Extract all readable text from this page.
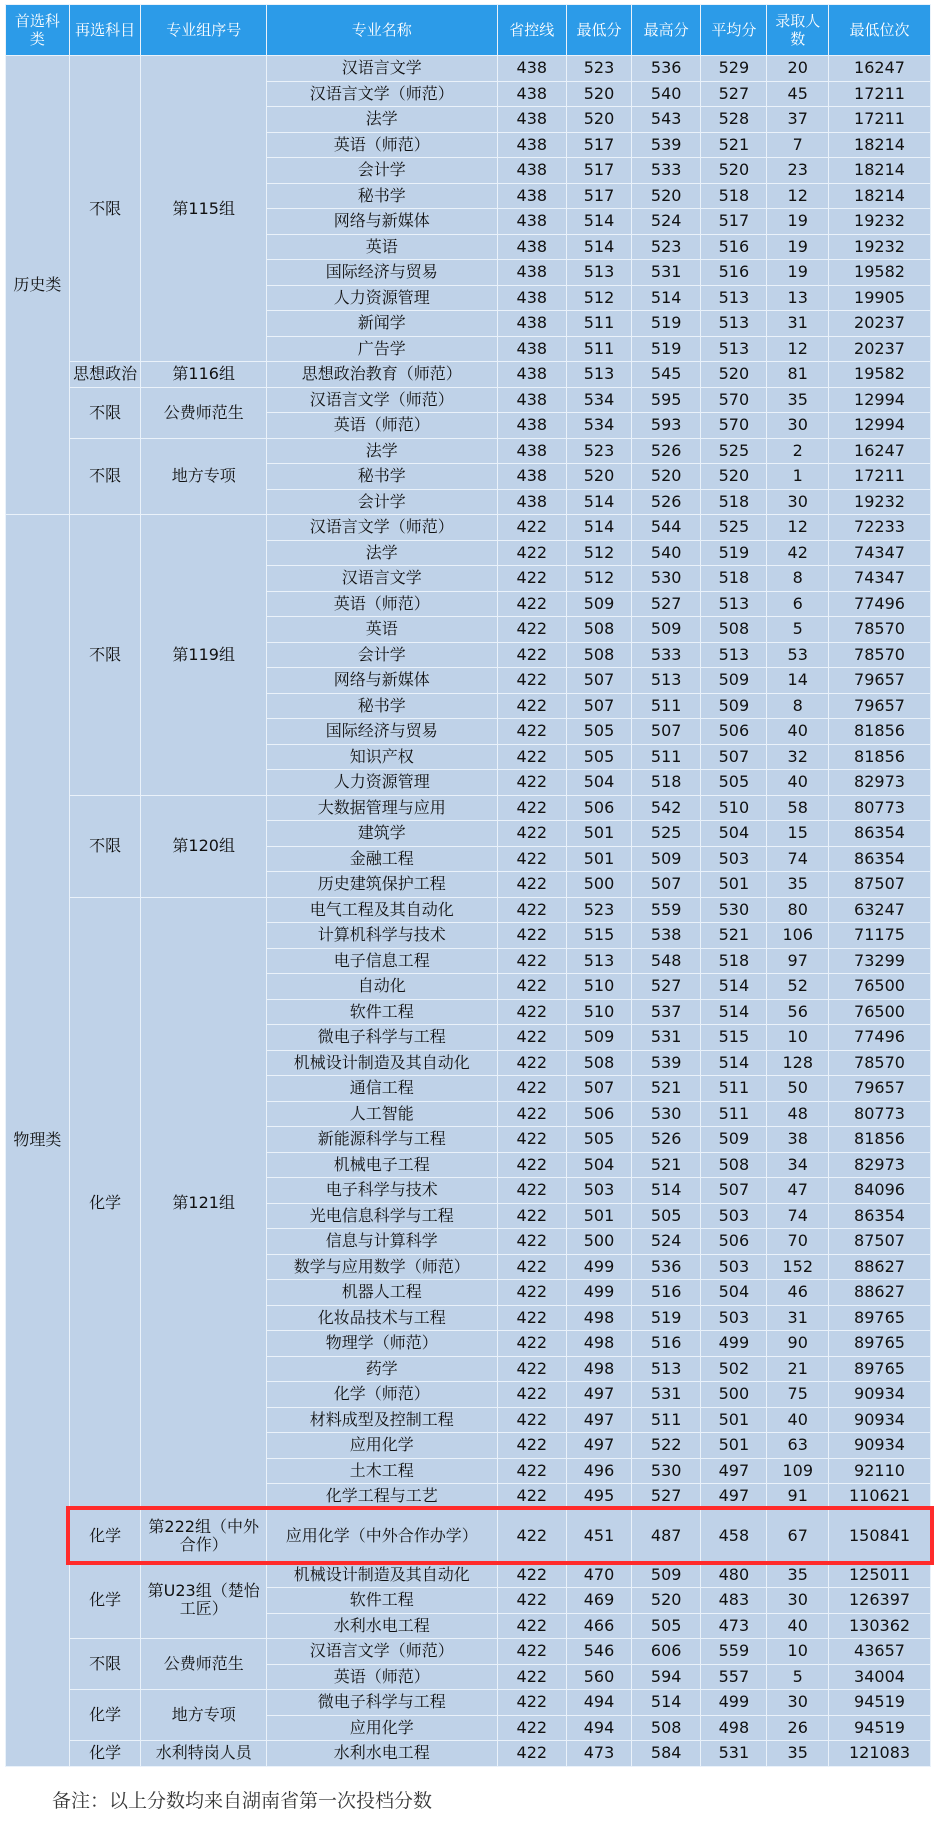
首选科类	再选科目	专业组序号	专业名称	省控线	最低分	最高分	平均分	录取人数	最低位次
历史类	不限	第115组	汉语言文学	438	523	536	529	20	16247
			汉语言文学（师范）	438	520	540	527	45	17211
			法学	438	520	543	528	37	17211
			英语（师范）	438	517	539	521	7	18214
			会计学	438	517	533	520	23	18214
			秘书学	438	517	520	518	12	18214
			网络与新媒体	438	514	524	517	19	19232
			英语	438	514	523	516	19	19232
			国际经济与贸易	438	513	531	516	19	19582
			人力资源管理	438	512	514	513	13	19905
			新闻学	438	511	519	513	31	20237
			广告学	438	511	519	513	12	20237
	思想政治	第116组	思想政治教育（师范）	438	513	545	520	81	19582
	不限	公费师范生	汉语言文学（师范）	438	534	595	570	35	12994
			英语（师范）	438	534	593	570	30	12994
	不限	地方专项	法学	438	523	526	525	2	16247
			秘书学	438	520	520	520	1	17211
			会计学	438	514	526	518	30	19232
物理类	不限	第119组	汉语言文学（师范）	422	514	544	525	12	72233
			法学	422	512	540	519	42	74347
			汉语言文学	422	512	530	518	8	74347
			英语（师范）	422	509	527	513	6	77496
			英语	422	508	509	508	5	78570
			会计学	422	508	533	513	53	78570
			网络与新媒体	422	507	513	509	14	79657
			秘书学	422	507	511	509	8	79657
			国际经济与贸易	422	505	507	506	40	81856
			知识产权	422	505	511	507	32	81856
			人力资源管理	422	504	518	505	40	82973
	不限	第120组	大数据管理与应用	422	506	542	510	58	80773
			建筑学	422	501	525	504	15	86354
			金融工程	422	501	509	503	74	86354
			历史建筑保护工程	422	500	507	501	35	87507
	化学	第121组	电气工程及其自动化	422	523	559	530	80	63247
			计算机科学与技术	422	515	538	521	106	71175
			电子信息工程	422	513	548	518	97	73299
			自动化	422	510	527	514	52	76500
			软件工程	422	510	537	514	56	76500
			微电子科学与工程	422	509	531	515	10	77496
			机械设计制造及其自动化	422	508	539	514	128	78570
			通信工程	422	507	521	511	50	79657
			人工智能	422	506	530	511	48	80773
			新能源科学与工程	422	505	526	509	38	81856
			机械电子工程	422	504	521	508	34	82973
			电子科学与技术	422	503	514	507	47	84096
			光电信息科学与工程	422	501	505	503	74	86354
			信息与计算科学	422	500	524	506	70	87507
			数学与应用数学（师范）	422	499	536	503	152	88627
			机器人工程	422	499	516	504	46	88627
			化妆品技术与工程	422	498	519	503	31	89765
			物理学（师范）	422	498	516	499	90	89765
			药学	422	498	513	502	21	89765
			化学（师范）	422	497	531	500	75	90934
			材料成型及控制工程	422	497	511	501	40	90934
			应用化学	422	497	522	501	63	90934
			土木工程	422	496	530	497	109	92110
			化学工程与工艺	422	495	527	497	91	110621
	化学	第222组（中外合作）	应用化学（中外合作办学）	422	451	487	458	67	150841
	化学	第U23组（楚怡工匠）	机械设计制造及其自动化	422	470	509	480	35	125011
			软件工程	422	469	520	483	30	126397
			水利水电工程	422	466	505	473	40	130362
	不限	公费师范生	汉语言文学（师范）	422	546	606	559	10	43657
			英语（师范）	422	560	594	557	5	34004
	化学	地方专项	微电子科学与工程	422	494	514	499	30	94519
			应用化学	422	494	508	498	26	94519
	化学	水利特岗人员	水利水电工程	422	473	584	531	35	121083
备注：以上分数均来自湖南省第一次投档分数
